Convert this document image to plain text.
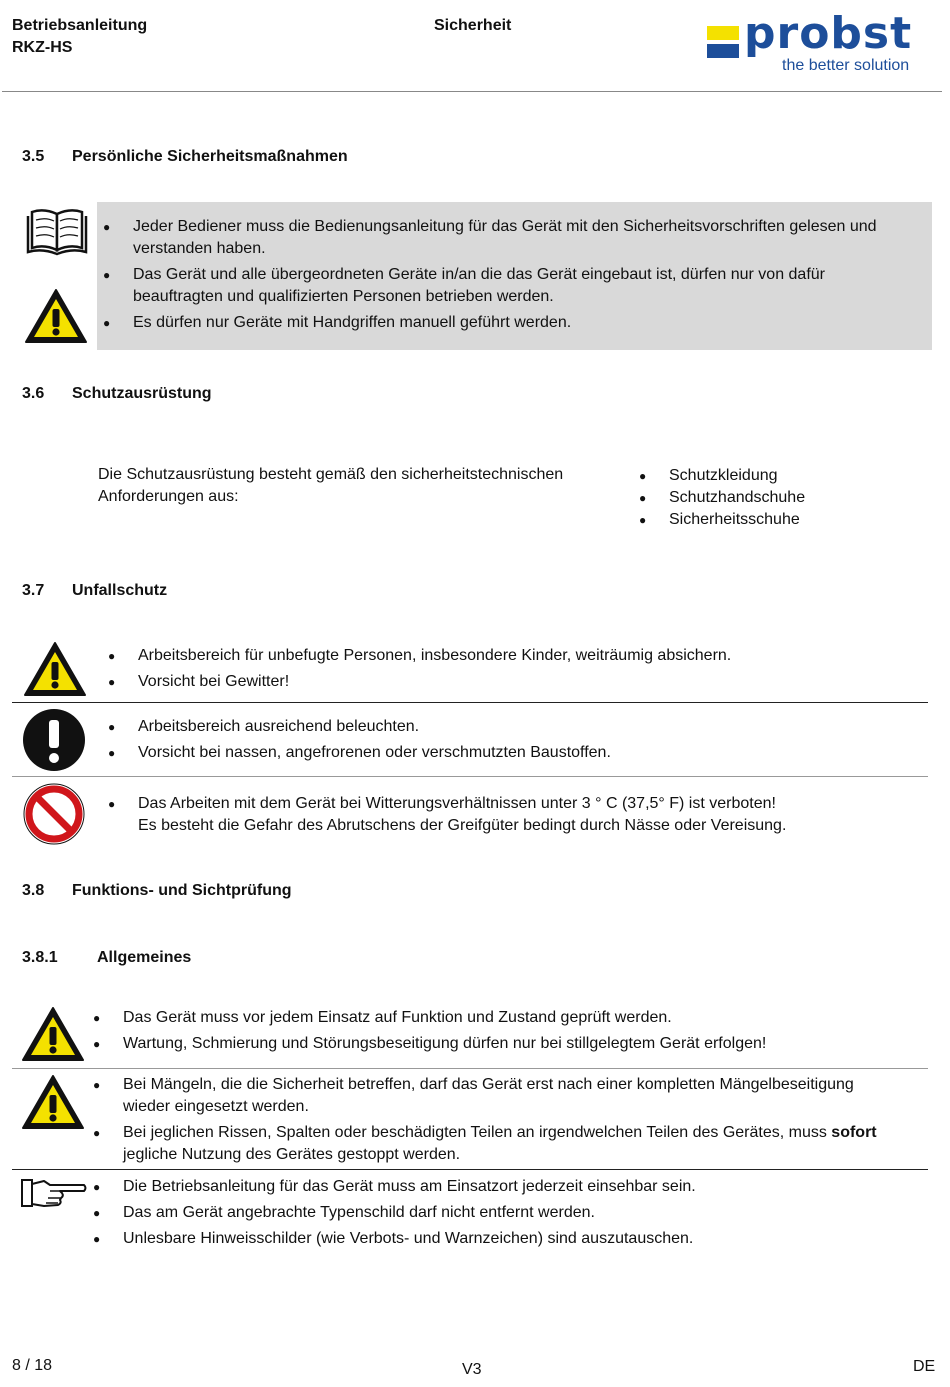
Betriebsanleitung
RKZ-HS
Sicherheit	probst
the better solution
3.5 Persönliche Sicherheitsmaßnahmen
● Jeder Bediener muss die Bedienungsanleitung für das Gerät mit den Sicherheitsvorschriften gelesen und verstanden haben.
● Das Gerät und alle übergeordneten Geräte in/an die das Gerät eingebaut ist, dürfen nur von dafür beauftragten und qualifizierten Personen betrieben werden.
● Es dürfen nur Geräte mit Handgriffen manuell geführt werden.
3.6 Schutzausrüstung
Die Schutzausrüstung besteht gemäß den sicherheitstechnischen Anforderungen aus:
● Schutzkleidung
● Schutzhandschuhe
● Sicherheitsschuhe
3.7 Unfallschutz
● Arbeitsbereich für unbefugte Personen, insbesondere Kinder, weiträumig absichern.
● Vorsicht bei Gewitter!
● Arbeitsbereich ausreichend beleuchten.
● Vorsicht bei nassen, angefrorenen oder verschmutzten Baustoffen.
● Das Arbeiten mit dem Gerät bei Witterungsverhältnissen unter 3 ° C (37,5° F) ist verboten!
Es besteht die Gefahr des Abrutschens der Greifgüter bedingt durch Nässe oder Vereisung.
3.8 Funktions- und Sichtprüfung
3.8.1 Allgemeines
● Das Gerät muss vor jedem Einsatz auf Funktion und Zustand geprüft werden.
● Wartung, Schmierung und Störungsbeseitigung dürfen nur bei stillgelegtem Gerät erfolgen!
● Bei Mängeln, die die Sicherheit betreffen, darf das Gerät erst nach einer kompletten Mängelbeseitigung wieder eingesetzt werden.
● Bei jeglichen Rissen, Spalten oder beschädigten Teilen an irgendwelchen Teilen des Gerätes, muss sofort jegliche Nutzung des Gerätes gestoppt werden.
● Die Betriebsanleitung für das Gerät muss am Einsatzort jederzeit einsehbar sein.
● Das am Gerät angebrachte Typenschild darf nicht entfernt werden.
● Unlesbare Hinweisschilder (wie Verbots- und Warnzeichen) sind auszutauschen.
8 / 18	V3	DE
